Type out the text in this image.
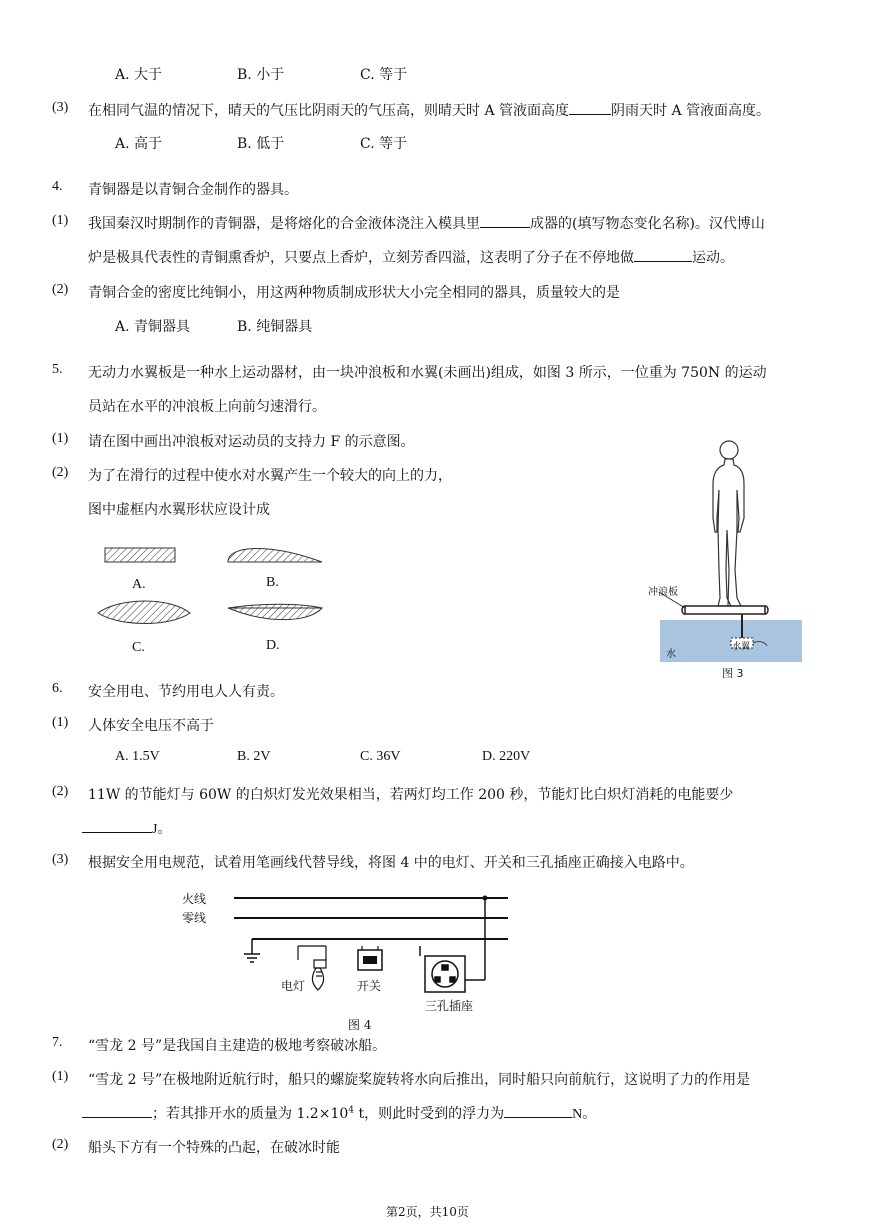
A. 大于	B. 小于	C. 等于
(3) 在相同气温的情况下，晴天的气压比阴雨天的气压高，则晴天时 A 管液面高度	阴雨天时 A 管液面高度。
A. 高于	B. 低于	C. 等于
4. 青铜器是以青铜合金制作的器具。
(1) 我国秦汉时期制作的青铜器，是将熔化的合金液体浇注入模具里	成器的(填写物态变化名称)。汉代博山
炉是极具代表性的青铜熏香炉，只要点上香炉，立刻芳香四溢，这表明了分子在不停地做	运动。
(2) 青铜合金的密度比纯铜小，用这两种物质制成形状大小完全相同的器具，质量较大的是
A. 青铜器具	B. 纯铜器具
5. 无动力水翼板是一种水上运动器材，由一块冲浪板和水翼(未画出)组成，如图 3 所示，一位重为 750N 的运动
员站在水平的冲浪板上向前匀速滑行。
(1) 请在图中画出冲浪板对运动员的支持力 F 的示意图。
(2) 为了在滑行的过程中使水对水翼产生一个较大的向上的力，
图中虚框内水翼形状应设计成
A.	B.
C.	D.
冲浪板
水
水翼
图 3
6. 安全用电、节约用电人人有责。
(1) 人体安全电压不高于
A. 1.5V	B. 2V	C. 36V	D. 220V
(2) 11W 的节能灯与 60W 的白炽灯发光效果相当，若两灯均工作 200 秒，节能灯比白炽灯消耗的电能要少
J。
(3) 根据安全用电规范，试着用笔画线代替导线，将图 4 中的电灯、开关和三孔插座正确接入电路中。
火线
零线
电灯	开关
三孔插座
图 4
7. “雪龙 2 号”是我国自主建造的极地考察破冰船。
(1) “雪龙 2 号”在极地附近航行时，船只的螺旋桨旋转将水向后推出，同时船只向前航行，这说明了力的作用是
；若其排开水的质量为 $1.2\times 10^4$ t，则此时受到的浮力为	N。
(2) 船头下方有一个特殊的凸起，在破冰时能
第2页，共10页
